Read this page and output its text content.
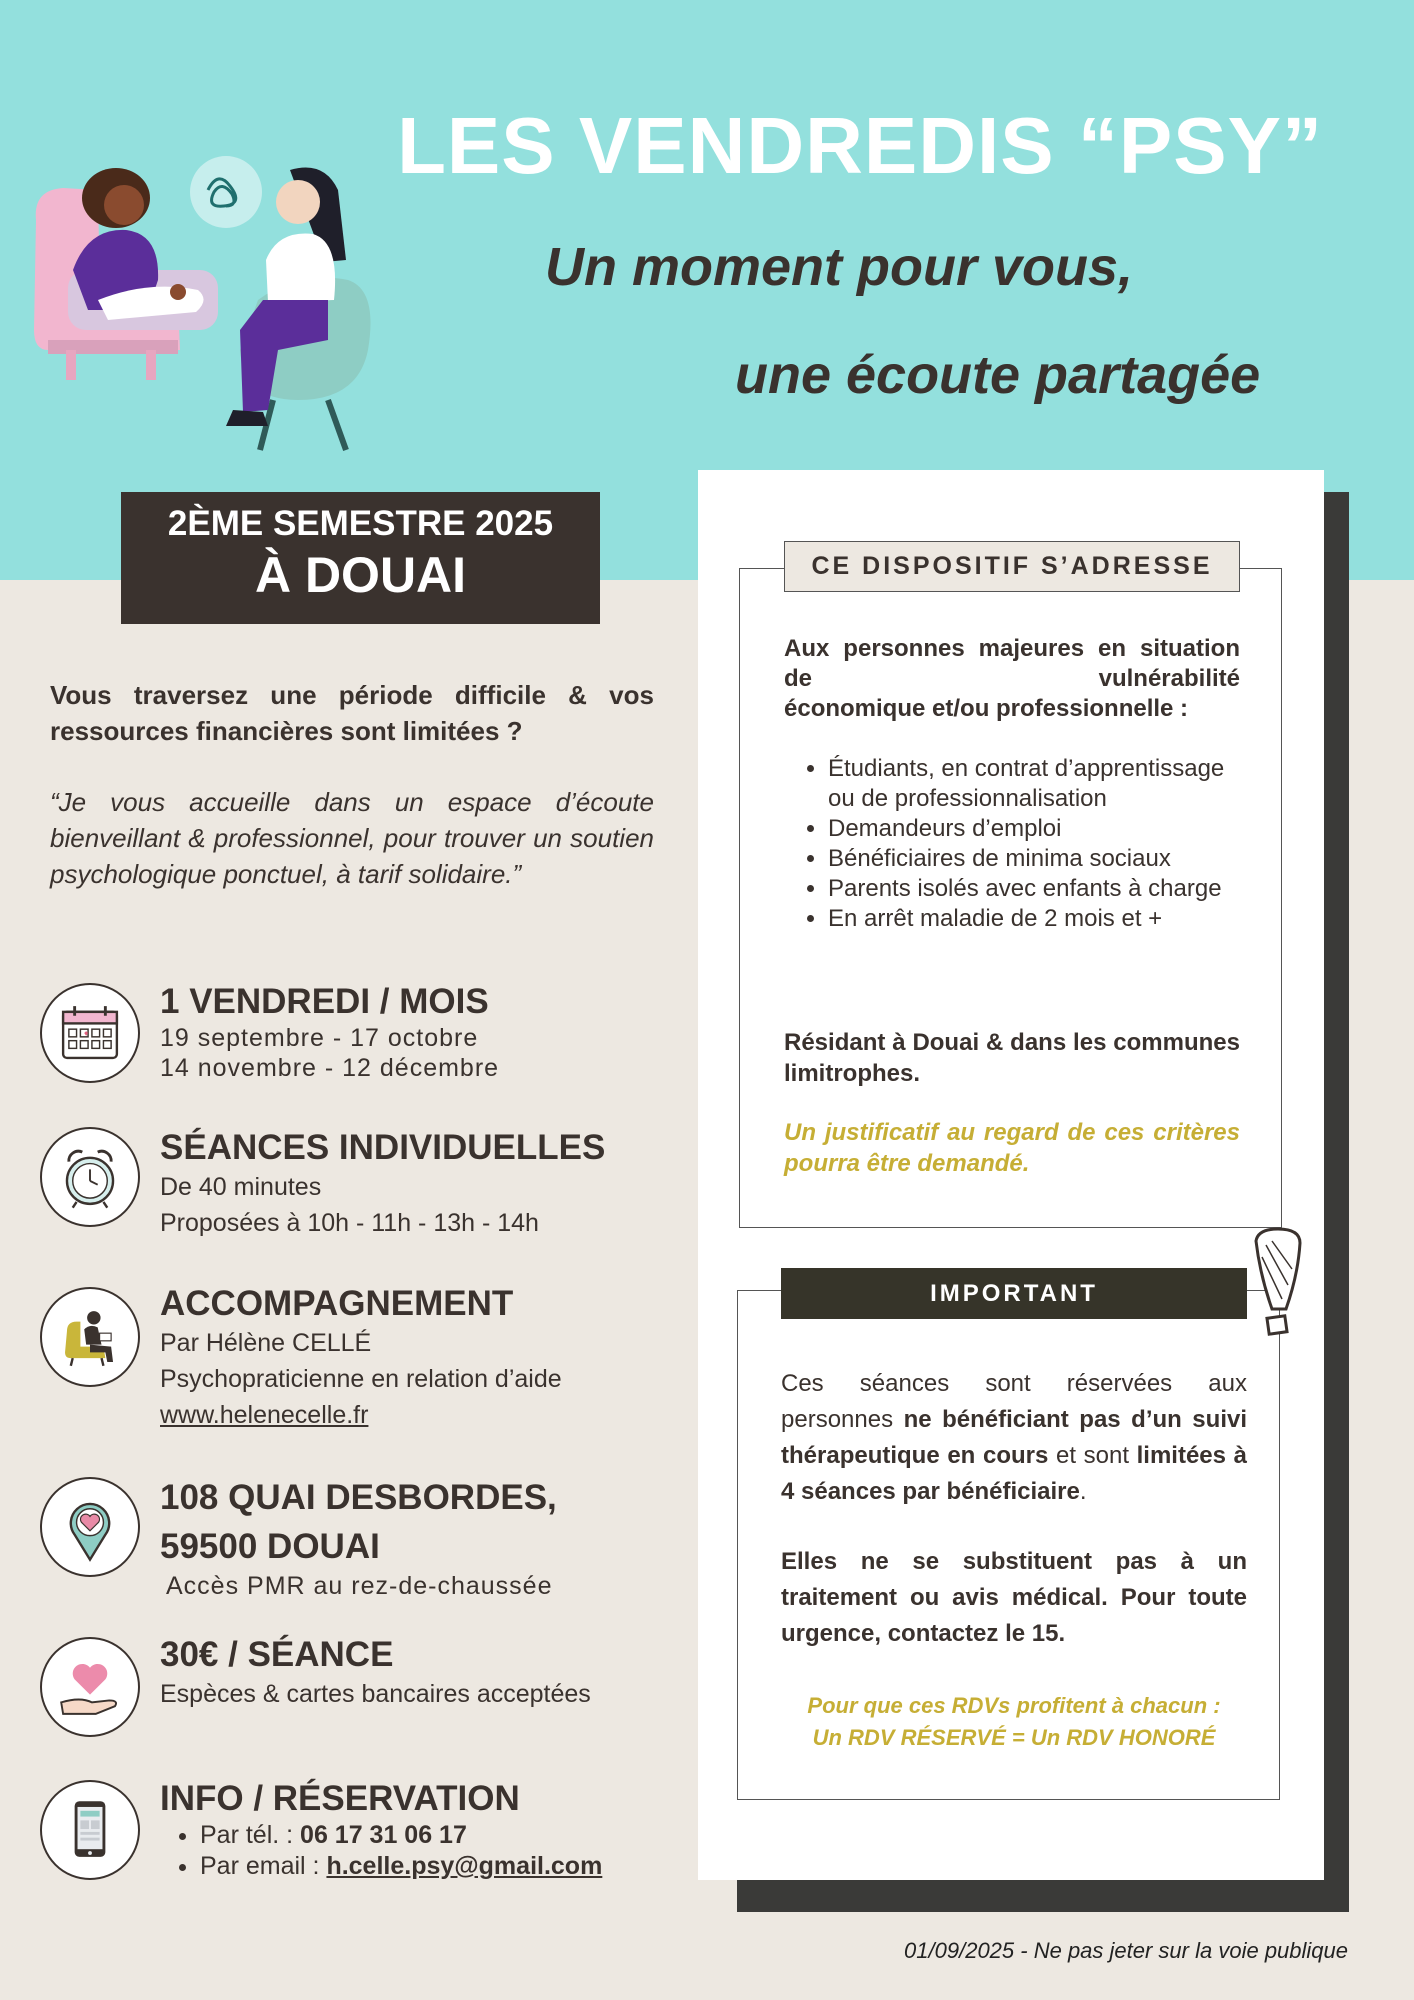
LES VENDREDIS “PSY”
Un moment pour vous,
une écoute partagée
2ÈME SEMESTRE 2025
À DOUAI
Vous traversez une période difficile & vos ressources financières sont limitées ?
“Je vous accueille dans un espace d’écoute bienveillant & professionnel, pour trouver un soutien psychologique ponctuel, à tarif solidaire.”
1 VENDREDI / MOIS
19 septembre - 17 octobre
14 novembre - 12 décembre
SÉANCES INDIVIDUELLES
De 40 minutes
Proposées à 10h - 11h - 13h - 14h
ACCOMPAGNEMENT
Par Hélène CELLÉ
Psychopraticienne en relation d’aide
www.helenecelle.fr
108 QUAI DESBORDES,
59500 DOUAI
Accès PMR au rez-de-chaussée
30€ / SÉANCE
Espèces & cartes bancaires acceptées
INFO / RÉSERVATION
• Par tél. : 06 17 31 06 17
• Par email : h.celle.psy@gmail.com
CE DISPOSITIF S’ADRESSE
Aux personnes majeures en situation de vulnérabilité
économique et/ou professionnelle :
• Étudiants, en contrat d’apprentissage ou de professionnalisation
• Demandeurs d’emploi
• Bénéficiaires de minima sociaux
• Parents isolés avec enfants à charge
• En arrêt maladie de 2 mois et +
Résidant à Douai & dans les communes limitrophes.
Un justificatif au regard de ces critères pourra être demandé.
IMPORTANT
Ces séances sont réservées aux personnes ne bénéficiant pas d’un suivi thérapeutique en cours et sont limitées à 4 séances par bénéficiaire.
Elles ne se substituent pas à un traitement ou avis médical. Pour toute urgence, contactez le 15.
Pour que ces RDVs profitent à chacun :
Un RDV RÉSERVÉ = Un RDV HONORÉ
01/09/2025 - Ne pas jeter sur la voie publique
